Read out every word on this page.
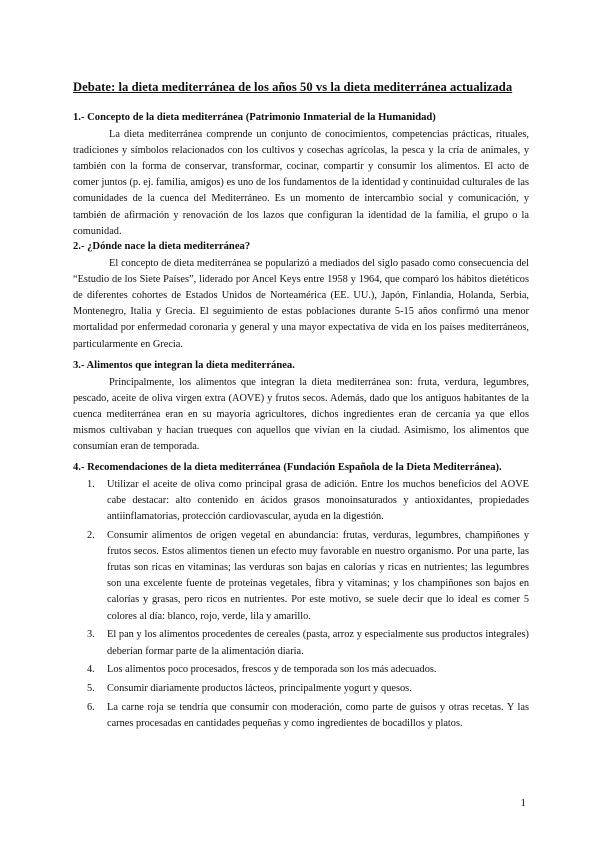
Debate: la dieta mediterránea de los años 50 vs la dieta mediterránea actualizada

1.- Concepto de la dieta mediterránea (Patrimonio Inmaterial de la Humanidad)

La dieta mediterránea comprende un conjunto de conocimientos, competencias prácticas, rituales, tradiciones y símbolos relacionados con los cultivos y cosechas agrícolas, la pesca y la cría de animales, y también con la forma de conservar, transformar, cocinar, compartir y consumir los alimentos. El acto de comer juntos (p. ej. familia, amigos) es uno de los fundamentos de la identidad y continuidad culturales de las comunidades de la cuenca del Mediterráneo. Es un momento de intercambio social y comunicación, y también de afirmación y renovación de los lazos que configuran la identidad de la familia, el grupo o la comunidad.

2.- ¿Dónde nace la dieta mediterránea?

El concepto de dieta mediterránea se popularizó a mediados del siglo pasado como consecuencia del “Estudio de los Siete Países”, liderado por Ancel Keys entre 1958 y 1964, que comparó los hábitos dietéticos de diferentes cohortes de Estados Unidos de Norteamérica (EE. UU.), Japón, Finlandia, Holanda, Serbia, Montenegro, Italia y Grecia. El seguimiento de estas poblaciones durante 5-15 años confirmó una menor mortalidad por enfermedad coronaria y general y una mayor expectativa de vida en los países mediterráneos, particularmente en Grecia.

3.- Alimentos que integran la dieta mediterránea.

Principalmente, los alimentos que integran la dieta mediterránea son: fruta, verdura, legumbres, pescado, aceite de oliva virgen extra (AOVE) y frutos secos. Además, dado que los antiguos habitantes de la cuenca mediterránea eran en su mayoría agricultores, dichos ingredientes eran de cercanía ya que ellos mismos cultivaban y hacían trueques con aquellos que vivían en la ciudad. Asimismo, los alimentos que consumían eran de temporada.

4.- Recomendaciones de la dieta mediterránea (Fundación Española de la Dieta Mediterránea).

1. Utilizar el aceite de oliva como principal grasa de adición. Entre los muchos beneficios del AOVE cabe destacar: alto contenido en ácidos grasos monoinsaturados y antioxidantes, propiedades antiinflamatorias, protección cardiovascular, ayuda en la digestión.
2. Consumir alimentos de origen vegetal en abundancia: frutas, verduras, legumbres, champiñones y frutos secos. Estos alimentos tienen un efecto muy favorable en nuestro organismo. Por una parte, las frutas son ricas en vitaminas; las verduras son bajas en calorías y ricas en nutrientes; las legumbres son una excelente fuente de proteínas vegetales, fibra y vitaminas; y los champiñones son bajos en calorías y grasas, pero ricos en nutrientes. Por este motivo, se suele decir que lo ideal es comer 5 colores al día: blanco, rojo, verde, lila y amarillo.
3. El pan y los alimentos procedentes de cereales (pasta, arroz y especialmente sus productos integrales) deberían formar parte de la alimentación diaria.
4. Los alimentos poco procesados, frescos y de temporada son los más adecuados.
5. Consumir diariamente productos lácteos, principalmente yogurt y quesos.
6. La carne roja se tendría que consumir con moderación, como parte de guisos y otras recetas. Y las carnes procesadas en cantidades pequeñas y como ingredientes de bocadillos y platos.
1
